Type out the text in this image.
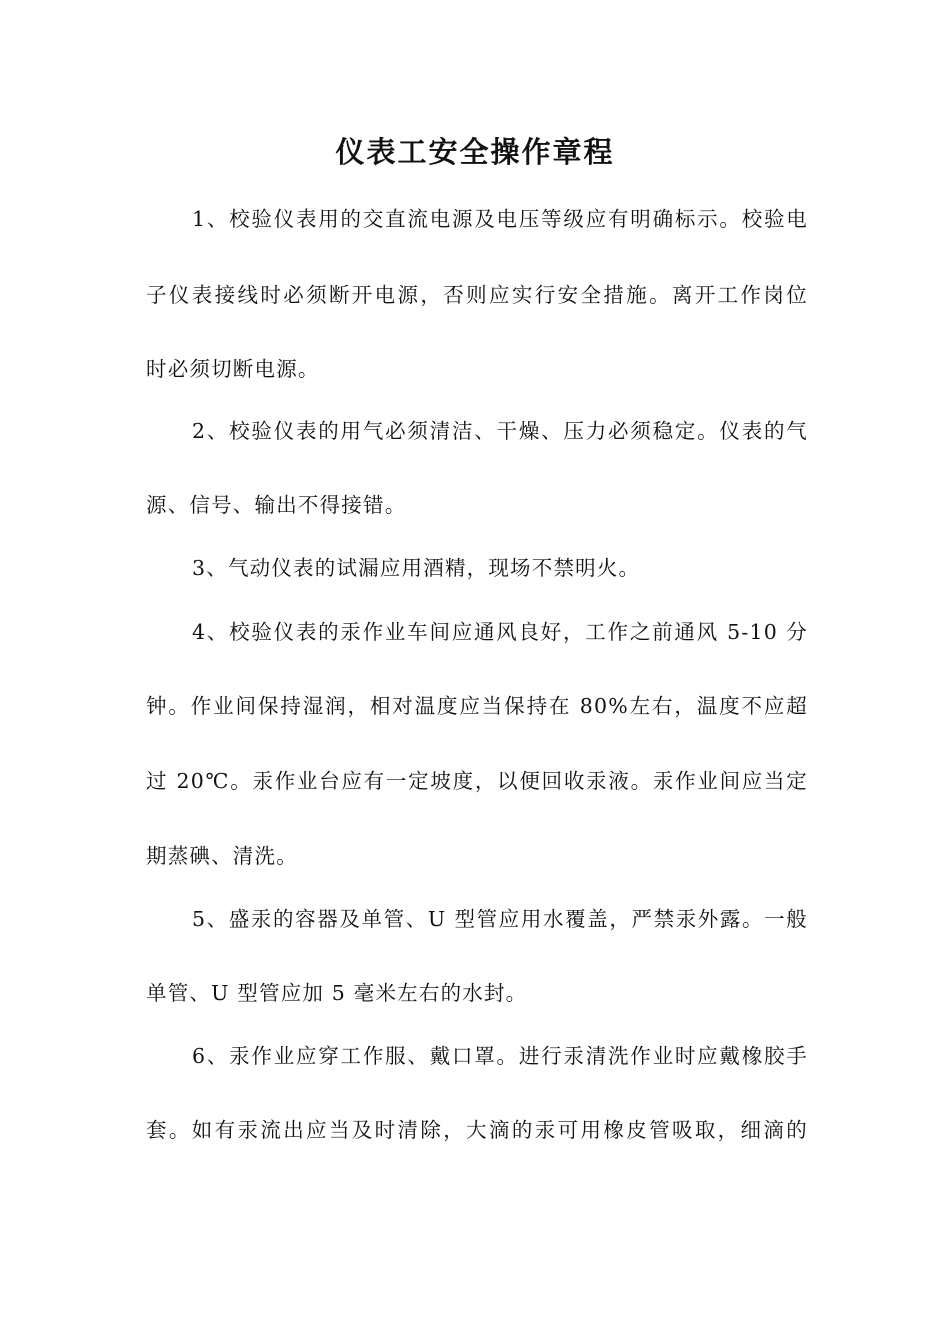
仪表工安全操作章程
1、校验仪表用的交直流电源及电压等级应有明确标示。校验电
子仪表接线时必须断开电源，否则应实行安全措施。离开工作岗位
时必须切断电源。
2、校验仪表的用气必须清洁、干燥、压力必须稳定。仪表的气
源、信号、输出不得接错。
3、气动仪表的试漏应用酒精，现场不禁明火。
4、校验仪表的汞作业车间应通风良好，工作之前通风 5-10 分
钟。作业间保持湿润，相对温度应当保持在 80%左右，温度不应超
过 20℃。汞作业台应有一定坡度，以便回收汞液。汞作业间应当定
期蒸碘、清洗。
5、盛汞的容器及单管、U 型管应用水覆盖，严禁汞外露。一般
单管、U 型管应加 5 毫米左右的水封。
6、汞作业应穿工作服、戴口罩。进行汞清洗作业时应戴橡胶手
套。如有汞流出应当及时清除，大滴的汞可用橡皮管吸取，细滴的
